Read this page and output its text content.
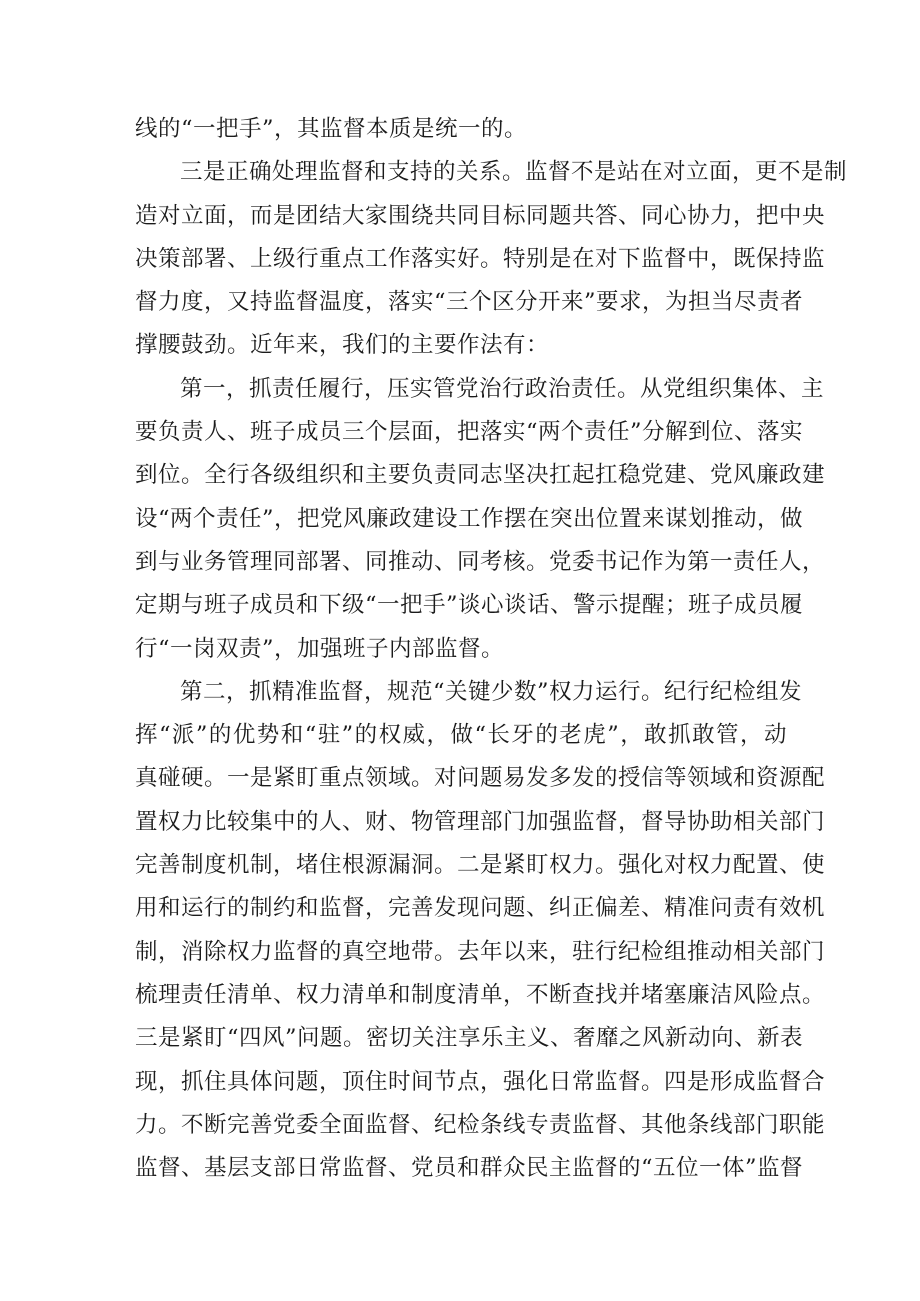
线的“一把手”，其监督本质是统一的。
三是正确处理监督和支持的关系。监督不是站在对立面，更不是制
造对立面，而是团结大家围绕共同目标同题共答、同心协力，把中央
决策部署、上级行重点工作落实好。特别是在对下监督中，既保持监
督力度，又持监督温度，落实“三个区分开来”要求，为担当尽责者
撑腰鼓劲。近年来，我们的主要作法有：
第一，抓责任履行，压实管党治行政治责任。从党组织集体、主
要负责人、班子成员三个层面，把落实“两个责任”分解到位、落实
到位。全行各级组织和主要负责同志坚决扛起扛稳党建、党风廉政建
设“两个责任”，把党风廉政建设工作摆在突出位置来谋划推动，做
到与业务管理同部署、同推动、同考核。党委书记作为第一责任人，
定期与班子成员和下级“一把手”谈心谈话、警示提醒；班子成员履
行“一岗双责”，加强班子内部监督。
第二，抓精准监督，规范“关键少数”权力运行。纪行纪检组发
挥“派”的优势和“驻”的权威，做“长牙的老虎”，敢抓敢管，动
真碰硬。一是紧盯重点领域。对问题易发多发的授信等领域和资源配
置权力比较集中的人、财、物管理部门加强监督，督导协助相关部门
完善制度机制，堵住根源漏洞。二是紧盯权力。强化对权力配置、使
用和运行的制约和监督，完善发现问题、纠正偏差、精准问责有效机
制，消除权力监督的真空地带。去年以来，驻行纪检组推动相关部门
梳理责任清单、权力清单和制度清单，不断查找并堵塞廉洁风险点。
三是紧盯“四风”问题。密切关注享乐主义、奢靡之风新动向、新表
现，抓住具体问题，顶住时间节点，强化日常监督。四是形成监督合
力。不断完善党委全面监督、纪检条线专责监督、其他条线部门职能
监督、基层支部日常监督、党员和群众民主监督的“五位一体”监督
